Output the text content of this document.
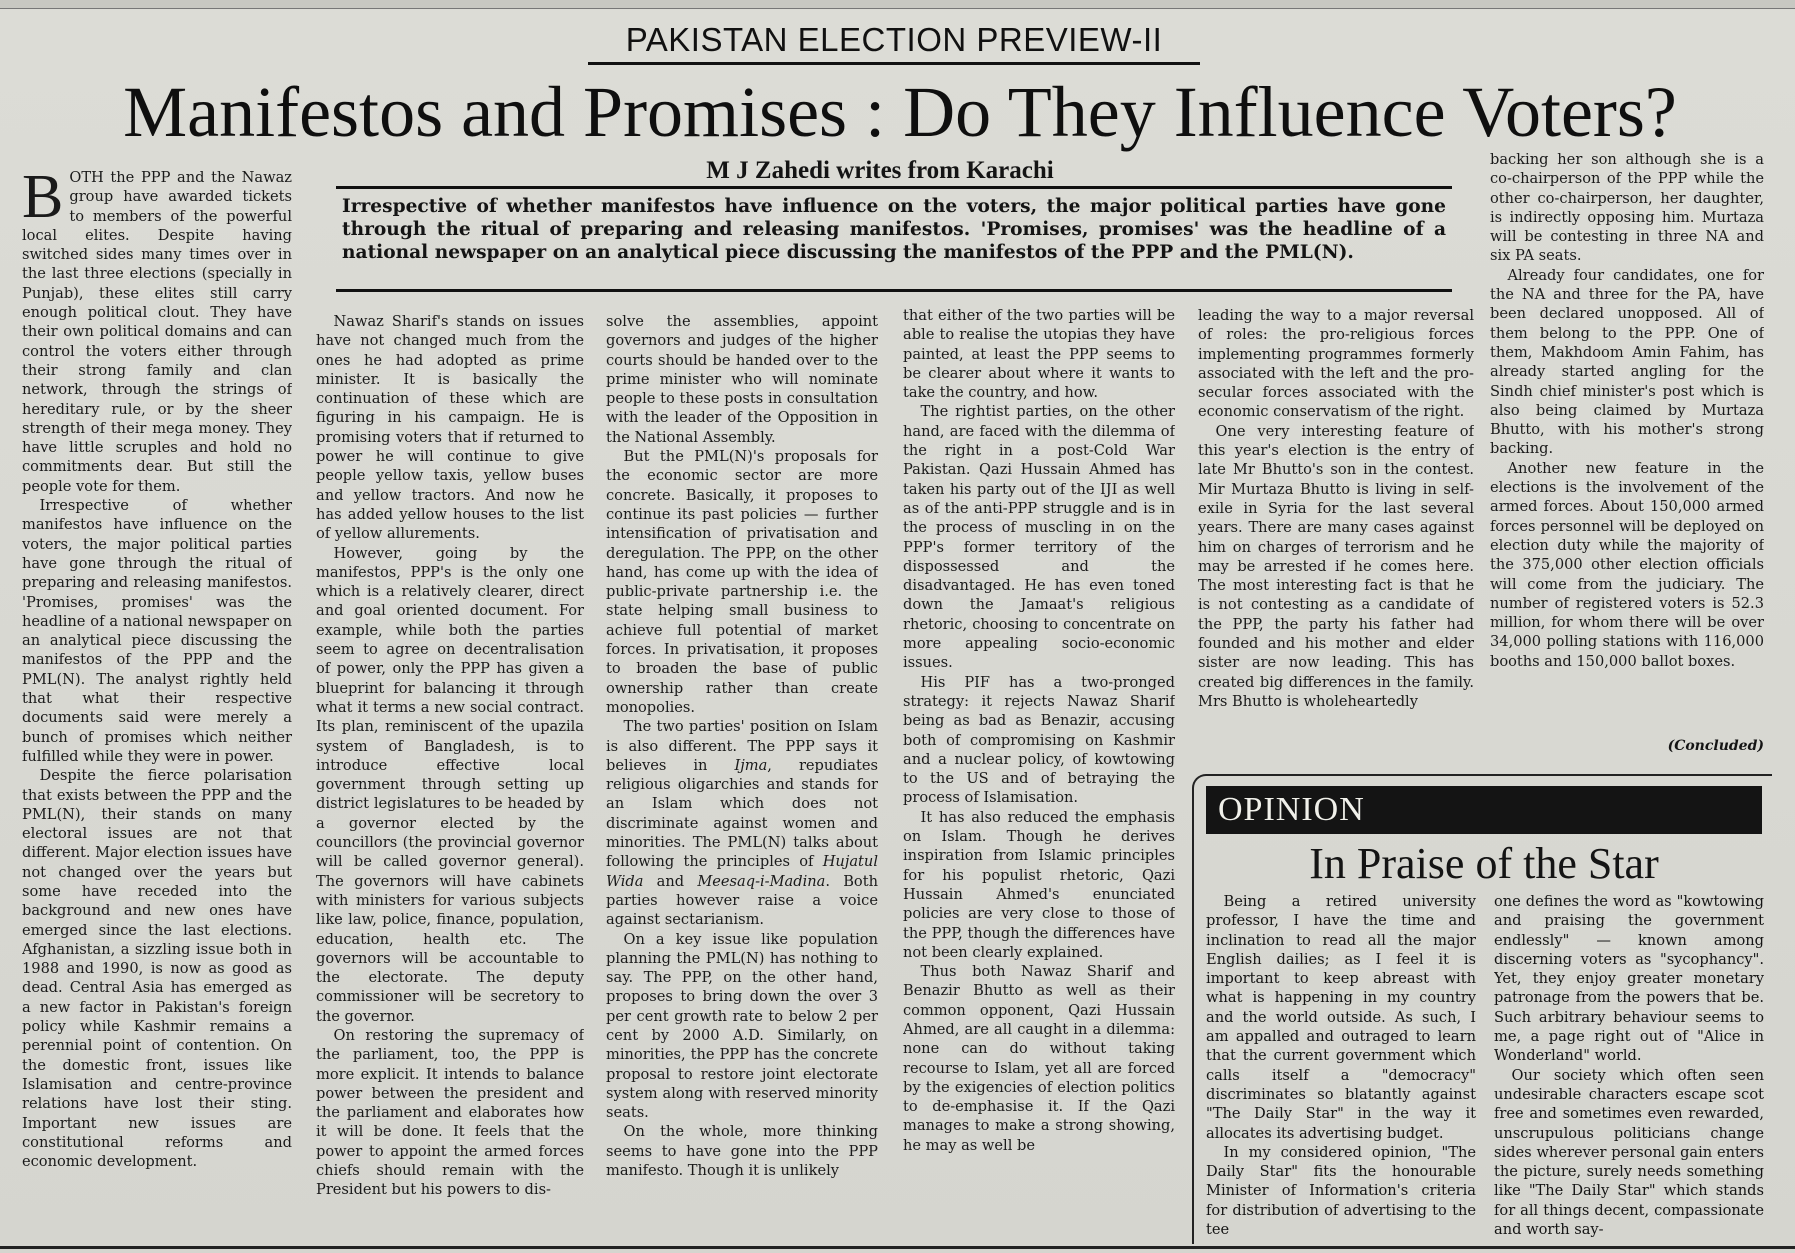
PAKISTAN ELECTION PREVIEW-II
Manifestos and Promises : Do They Influence Voters?
M J Zahedi writes from Karachi
Irrespective of whether manifestos have influence on the voters, the major political parties have gone through the ritual of preparing and releasing manifestos. 'Promises, promises' was the headline of a national newspaper on an analytical piece discussing the manifestos of the PPP and the PML(N).
B OTH the PPP and the Nawaz group have awarded tickets to members of the powerful local elites. Despite having switched sides many times over in the last three elections (specially in Punjab), these elites still carry enough political clout. They have their own political domains and can control the voters either through their strong family and clan network, through the strings of hereditary rule, or by the sheer strength of their mega money. They have little scruples and hold no commitments dear. But still the people vote for them.

Irrespective of whether manifestos have influence on the voters, the major political parties have gone through the ritual of preparing and releasing manifestos. 'Promises, promises' was the headline of a national newspaper on an analytical piece discussing the manifestos of the PPP and the PML(N). The analyst rightly held that what their respective documents said were merely a bunch of promises which neither fulfilled while they were in power.

Despite the fierce polarisation that exists between the PPP and the PML(N), their stands on many electoral issues are not that different. Major election issues have not changed over the years but some have receded into the background and new ones have emerged since the last elections. Afghanistan, a sizzling issue both in 1988 and 1990, is now as good as dead. Central Asia has emerged as a new factor in Pakistan's foreign policy while Kashmir remains a perennial point of contention. On the domestic front, issues like Islamisation and centre-province relations have lost their sting. Important new issues are constitutional reforms and economic development.

Nawaz Sharif's stands on issues have not changed much from the ones he had adopted as prime minister. It is basically the continuation of these which are figuring in his campaign. He is promising voters that if returned to power he will continue to give people yellow taxis, yellow buses and yellow tractors. And now he has added yellow houses to the list of yellow allurements.

However, going by the manifestos, PPP's is the only one which is a relatively clearer, direct and goal oriented document. For example, while both the parties seem to agree on decentralisation of power, only the PPP has given a blueprint for balancing it through what it terms a new social contract. Its plan, reminiscent of the upazila system of Bangladesh, is to introduce effective local government through setting up district legislatures to be headed by a governor elected by the councillors (the provincial governor will be called governor general). The governors will have cabinets with ministers for various subjects like law, police, finance, population, education, health etc. The governors will be accountable to the electorate. The deputy commissioner will be secretory to the governor.

On restoring the supremacy of the parliament, too, the PPP is more explicit. It intends to balance power between the president and the parliament and elaborates how it will be done. It feels that the power to appoint the armed forces chiefs should remain with the President but his powers to dis-

solve the assemblies, appoint governors and judges of the higher courts should be handed over to the prime minister who will nominate people to these posts in consultation with the leader of the Opposition in the National Assembly.

But the PML(N)'s proposals for the economic sector are more concrete. Basically, it proposes to continue its past policies — further intensification of privatisation and deregulation. The PPP, on the other hand, has come up with the idea of public-private partnership i.e. the state helping small business to achieve full potential of market forces. In privatisation, it proposes to broaden the base of public ownership rather than create monopolies.

The two parties' position on Islam is also different. The PPP says it believes in Ijma, repudiates religious oligarchies and stands for an Islam which does not discriminate against women and minorities. The PML(N) talks about following the principles of Hujatul Wida and Meesaq-i-Madina. Both parties however raise a voice against sectarianism.

On a key issue like population planning the PML(N) has nothing to say. The PPP, on the other hand, proposes to bring down the over 3 per cent growth rate to below 2 per cent by 2000 A.D. Similarly, on minorities, the PPP has the concrete proposal to restore joint electorate system along with reserved minority seats.

On the whole, more thinking seems to have gone into the PPP manifesto. Though it is unlikely

that either of the two parties will be able to realise the utopias they have painted, at least the PPP seems to be clearer about where it wants to take the country, and how.

The rightist parties, on the other hand, are faced with the dilemma of the right in a post-Cold War Pakistan. Qazi Hussain Ahmed has taken his party out of the IJI as well as of the anti-PPP struggle and is in the process of muscling in on the PPP's former territory of the dispossessed and the disadvantaged. He has even toned down the Jamaat's religious rhetoric, choosing to concentrate on more appealing socio-economic issues.

His PIF has a two-pronged strategy: it rejects Nawaz Sharif being as bad as Benazir, accusing both of compromising on Kashmir and a nuclear policy, of kowtowing to the US and of betraying the process of Islamisation.

It has also reduced the emphasis on Islam. Though he derives inspiration from Islamic principles for his populist rhetoric, Qazi Hussain Ahmed's enunciated policies are very close to those of the PPP, though the differences have not been clearly explained.

Thus both Nawaz Sharif and Benazir Bhutto as well as their common opponent, Qazi Hussain Ahmed, are all caught in a dilemma: none can do without taking recourse to Islam, yet all are forced by the exigencies of election politics to de-emphasise it. If the Qazi manages to make a strong showing, he may as well be

leading the way to a major reversal of roles: the pro-religious forces implementing programmes formerly associated with the left and the pro-secular forces associated with the economic conservatism of the right.

One very interesting feature of this year's election is the entry of late Mr Bhutto's son in the contest. Mir Murtaza Bhutto is living in self-exile in Syria for the last several years. There are many cases against him on charges of terrorism and he may be arrested if he comes here. The most interesting fact is that he is not contesting as a candidate of the PPP, the party his father had founded and his mother and elder sister are now leading. This has created big differences in the family. Mrs Bhutto is wholeheartedly

backing her son although she is a co-chairperson of the PPP while the other co-chairperson, her daughter, is indirectly opposing him. Murtaza will be contesting in three NA and six PA seats.

Already four candidates, one for the NA and three for the PA, have been declared unopposed. All of them belong to the PPP. One of them, Makhdoom Amin Fahim, has already started angling for the Sindh chief minister's post which is also being claimed by Murtaza Bhutto, with his mother's strong backing.

Another new feature in the elections is the involvement of the armed forces. About 150,000 armed forces personnel will be deployed on election duty while the majority of the 375,000 other election officials will come from the judiciary. The number of registered voters is 52.3 million, for whom there will be over 34,000 polling stations with 116,000 booths and 150,000 ballot boxes.

(Concluded)
OPINION
In Praise of the Star

Being a retired university professor, I have the time and inclination to read all the major English dailies; as I feel it is important to keep abreast with what is happening in my country and the world outside. As such, I am appalled and outraged to learn that the current government which calls itself a "democracy" discriminates so blatantly against "The Daily Star" in the way it allocates its advertising budget.

In my considered opinion, "The Daily Star" fits the honourable Minister of Information's criteria for distribution of advertising to the tee

one defines the word as "kowtowing and praising the government endlessly" — known among discerning voters as "sycophancy". Yet, they enjoy greater monetary patronage from the powers that be. Such arbitrary behaviour seems to me, a page right out of "Alice in Wonderland" world.

Our society which often seen undesirable characters escape scot free and sometimes even rewarded, unscrupulous politicians change sides wherever personal gain enters the picture, surely needs something like "The Daily Star" which stands for all things decent, compassionate and worth say-
